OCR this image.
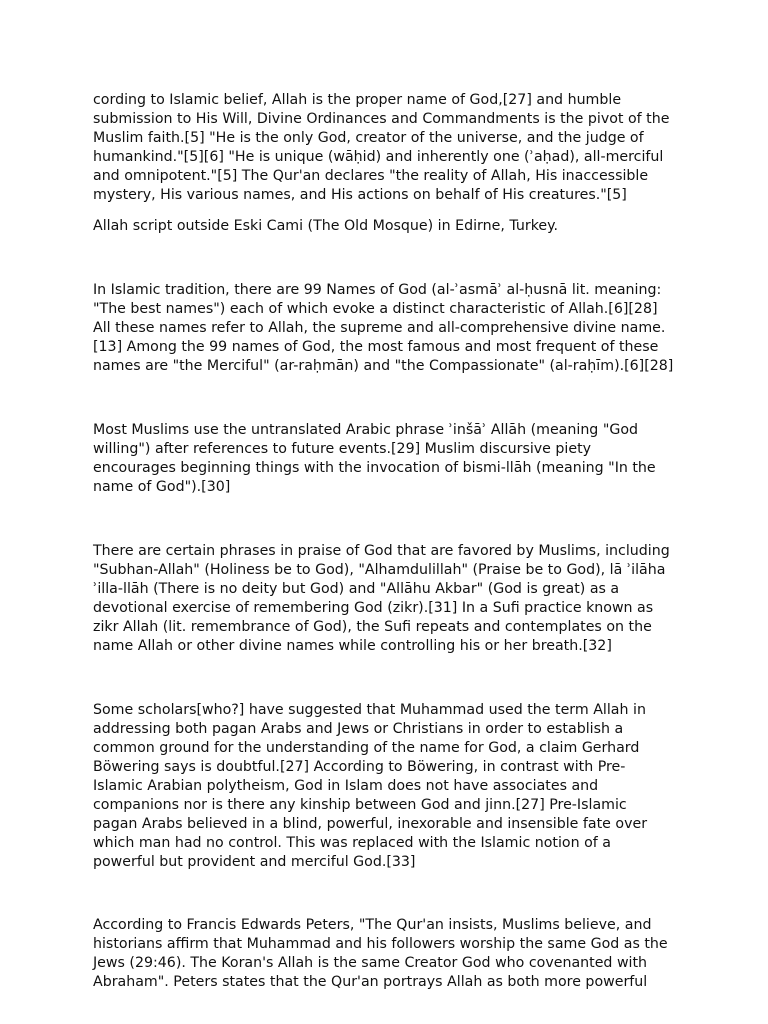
cording to Islamic belief, Allah is the proper name of God,[27] and humble
submission to His Will, Divine Ordinances and Commandments is the pivot of the
Muslim faith.[5] "He is the only God, creator of the universe, and the judge of
humankind."[5][6] "He is unique (wāḥid) and inherently one (ʾaḥad), all-merciful
and omnipotent."[5] The Qur'an declares "the reality of Allah, His inaccessible
mystery, His various names, and His actions on behalf of His creatures."[5]

Allah script outside Eski Cami (The Old Mosque) in Edirne, Turkey.

In Islamic tradition, there are 99 Names of God (al-ʾasmāʾ al-ḥusnā lit. meaning:
"The best names") each of which evoke a distinct characteristic of Allah.[6][28]
All these names refer to Allah, the supreme and all-comprehensive divine name.
[13] Among the 99 names of God, the most famous and most frequent of these
names are "the Merciful" (ar-raḥmān) and "the Compassionate" (al-raḥīm).[6][28]

Most Muslims use the untranslated Arabic phrase ʾinšāʾ Allāh (meaning "God
willing") after references to future events.[29] Muslim discursive piety
encourages beginning things with the invocation of bismi-llāh (meaning "In the
name of God").[30]

There are certain phrases in praise of God that are favored by Muslims, including
"Subhan-Allah" (Holiness be to God), "Alhamdulillah" (Praise be to God), lā ʾilāha
ʾilla-llāh (There is no deity but God) and "Allāhu Akbar" (God is great) as a
devotional exercise of remembering God (zikr).[31] In a Sufi practice known as
zikr Allah (lit. remembrance of God), the Sufi repeats and contemplates on the
name Allah or other divine names while controlling his or her breath.[32]

Some scholars[who?] have suggested that Muhammad used the term Allah in
addressing both pagan Arabs and Jews or Christians in order to establish a
common ground for the understanding of the name for God, a claim Gerhard
Böwering says is doubtful.[27] According to Böwering, in contrast with Pre-
Islamic Arabian polytheism, God in Islam does not have associates and
companions nor is there any kinship between God and jinn.[27] Pre-Islamic
pagan Arabs believed in a blind, powerful, inexorable and insensible fate over
which man had no control. This was replaced with the Islamic notion of a
powerful but provident and merciful God.[33]

According to Francis Edwards Peters, "The Qur'an insists, Muslims believe, and
historians affirm that Muhammad and his followers worship the same God as the
Jews (29:46). The Koran's Allah is the same Creator God who covenanted with
Abraham". Peters states that the Qur'an portrays Allah as both more powerful
